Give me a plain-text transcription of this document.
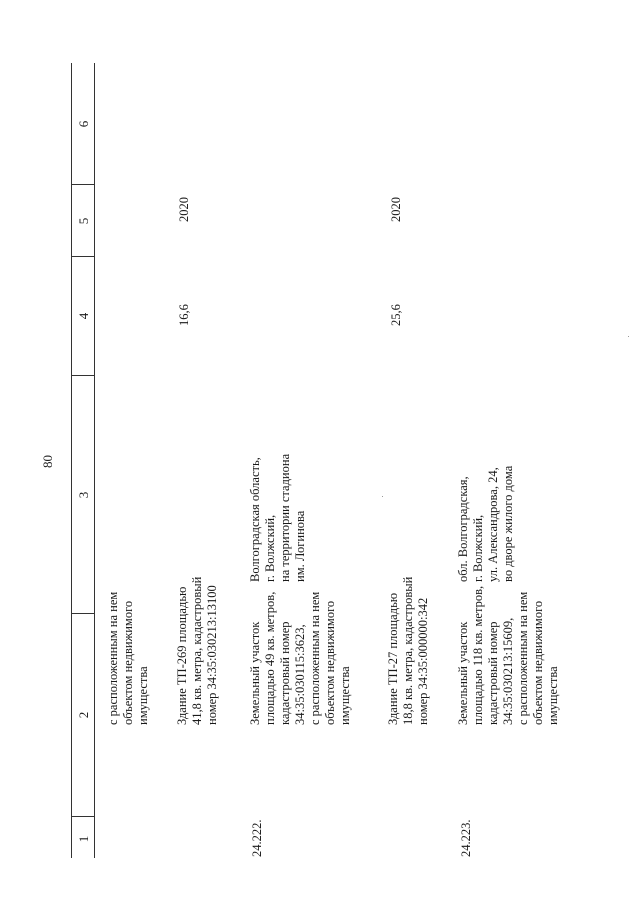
80
1
2
3
4
5
6
с расположенным на нем объектом недвижимого имущества Здание ТП-269 площадью 41,8 кв. метра, кадастровый номер 34:35:030213:13100
16,6
2020
24.222.
Земельный участок площадью 49 кв. метров, кадастровый номер 34:35:030115:3623, с расположенным на нем объектом недвижимого имущества
Волгоградская область, г. Волжский, на территории стадиона им. Логинова
Здание ТП-27 площадью 18,8 кв. метра, кадастровый номер 34:35:000000:342
25,6
2020
24.223.
Земельный участок площадью 118 кв. метров, кадастровый номер 34:35:030213:15609, с расположенным на нем объектом недвижимого имущества
обл. Волгоградская, г. Волжский, ул. Александрова, 24, во дворе жилого дома
